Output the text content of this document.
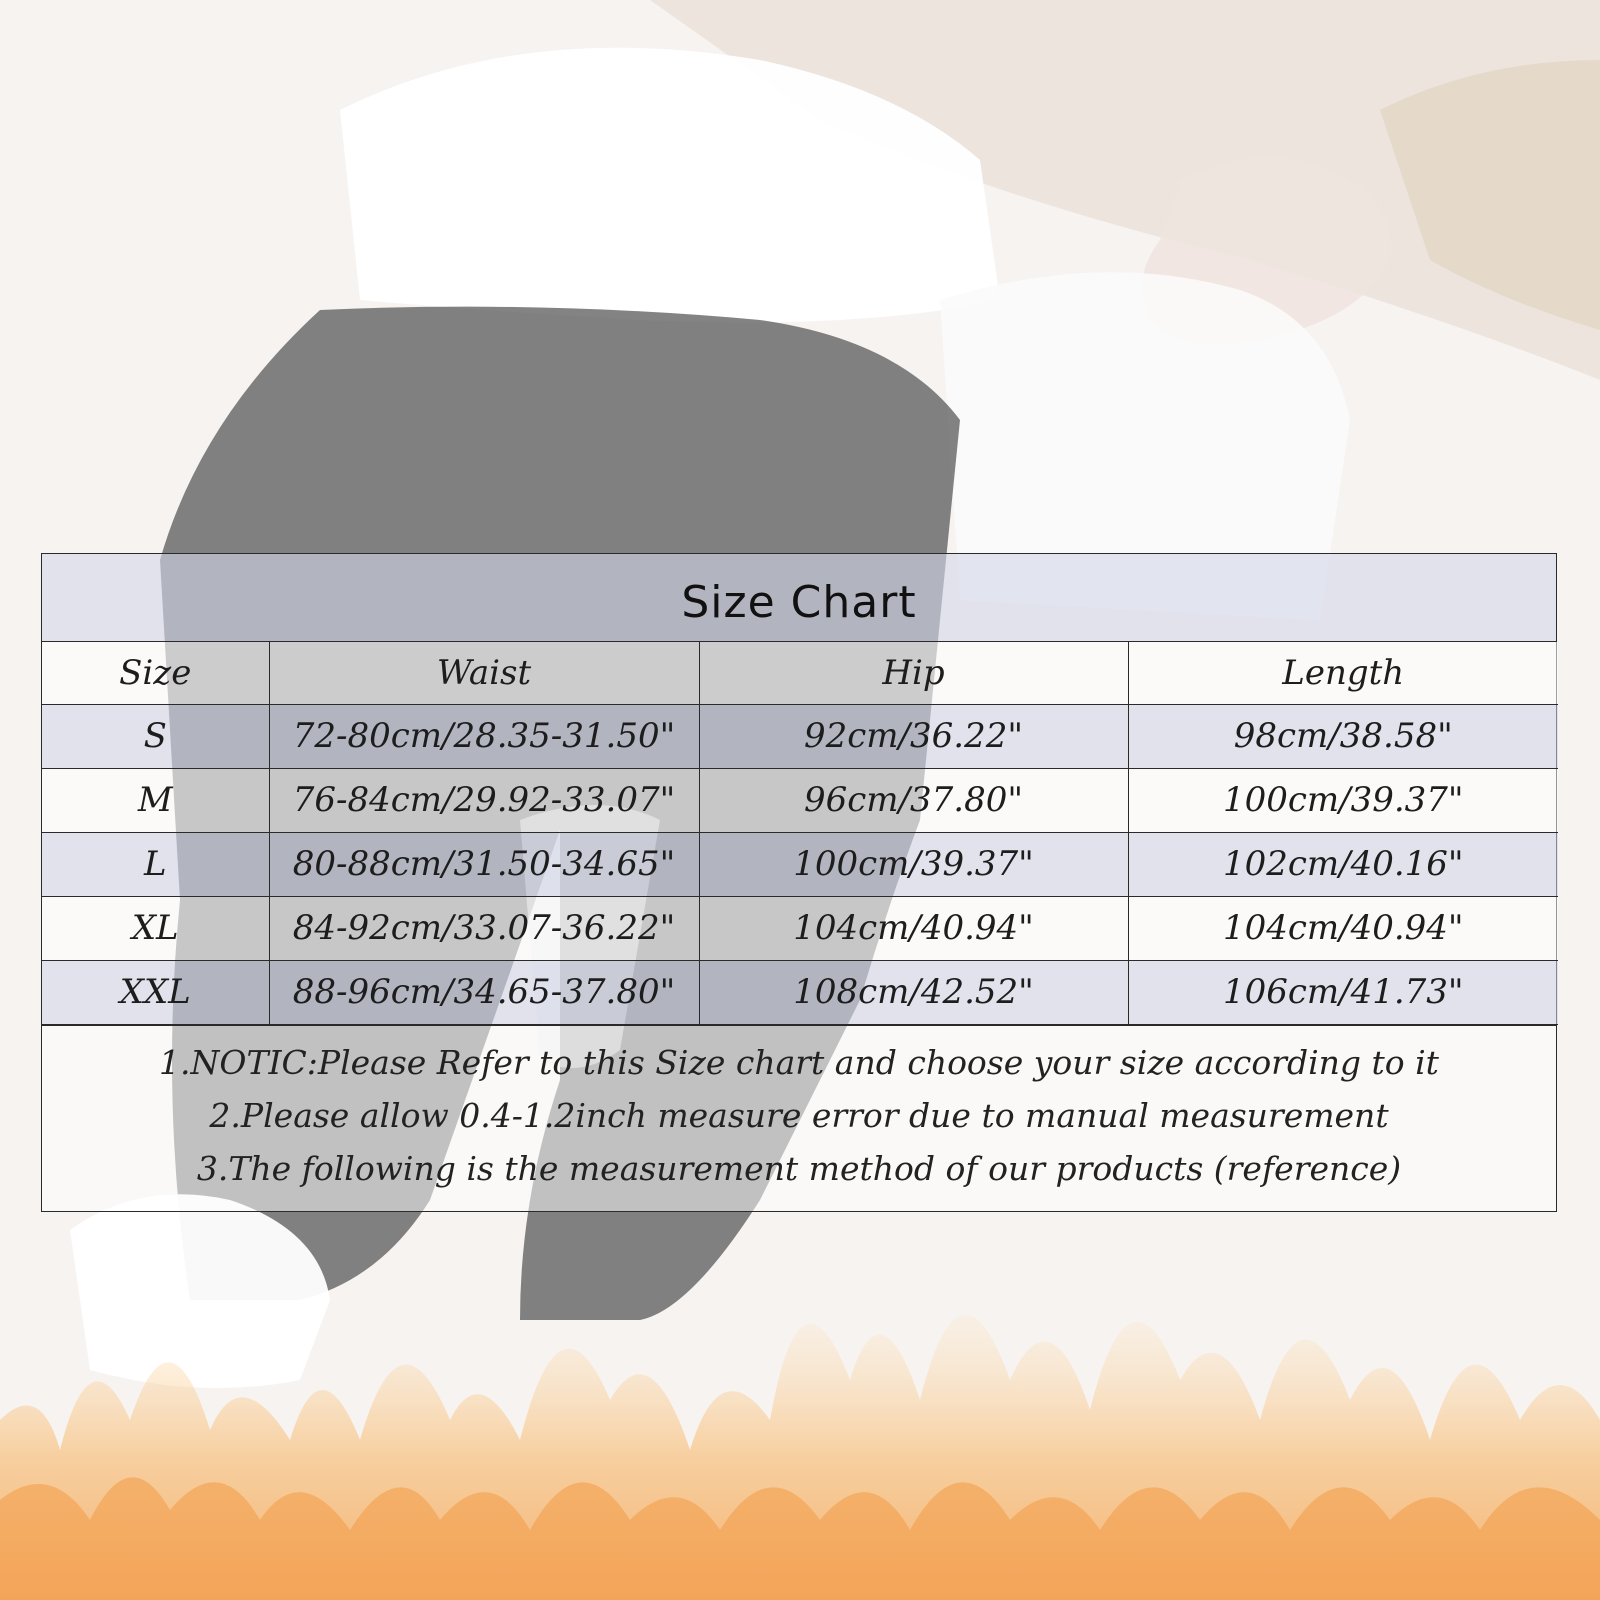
Size Chart
Size	Waist	Hip	Length
S	72-80cm/28.35-31.50"	92cm/36.22"	98cm/38.58"
M	76-84cm/29.92-33.07"	96cm/37.80"	100cm/39.37"
L	80-88cm/31.50-34.65"	100cm/39.37"	102cm/40.16"
XL	84-92cm/33.07-36.22"	104cm/40.94"	104cm/40.94"
XXL	88-96cm/34.65-37.80"	108cm/42.52"	106cm/41.73"
1.NOTIC:Please Refer to this Size chart and choose your size according to it
2.Please allow 0.4-1.2inch measure error due to manual measurement
3.The following is the measurement method of our products (reference)
